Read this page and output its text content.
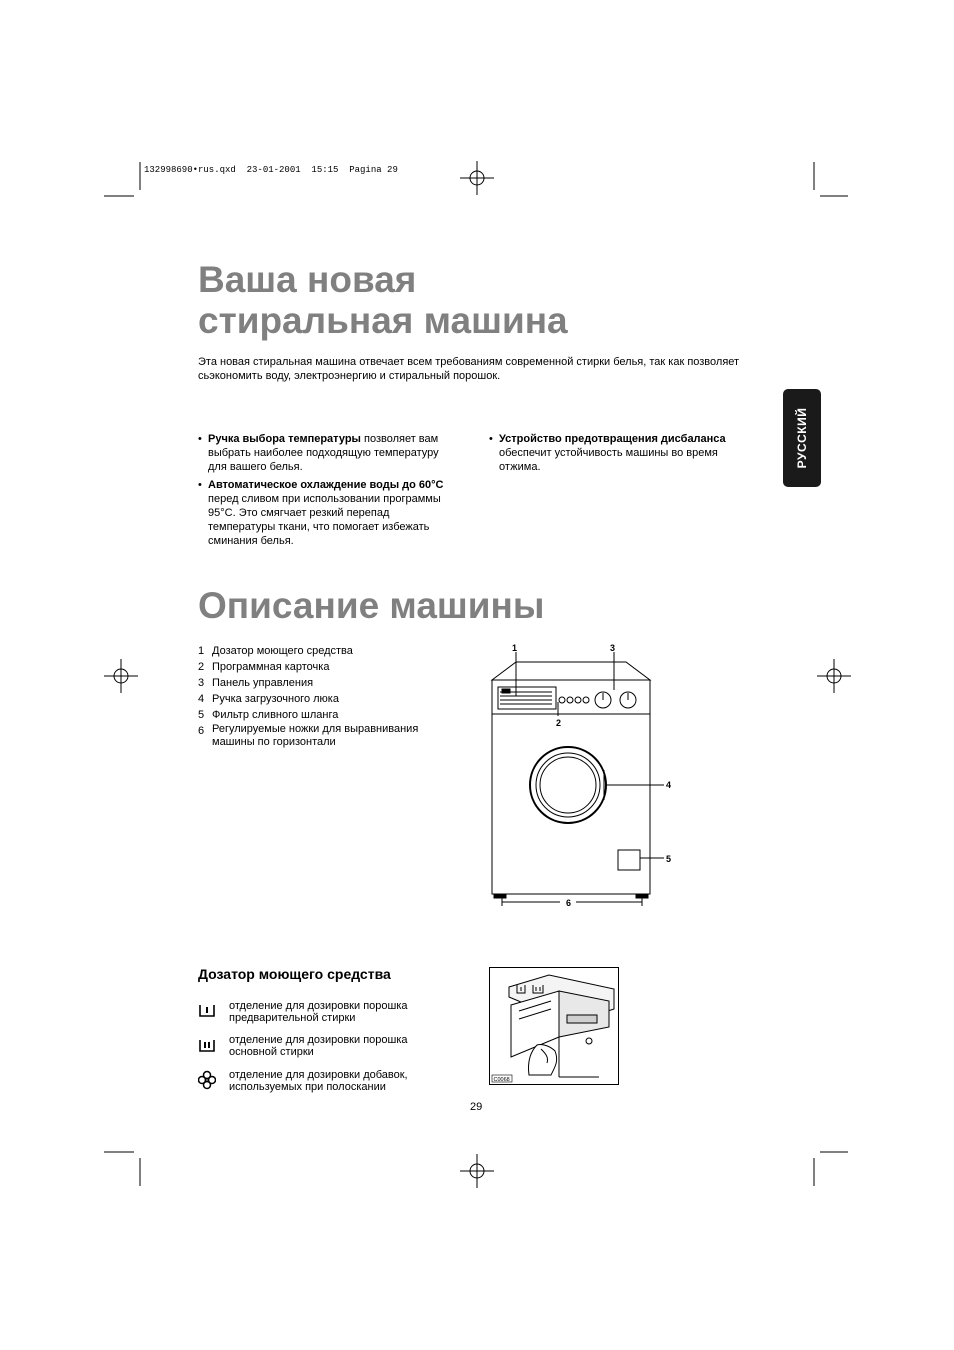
132998690•rus.qxd  23-01-2001  15:15  Pagina 29
Ваша новая
стиральная машина
Эта новая стиральная машина отвечает всем требованиям современной стирки белья, так как позволяет сьэкономить воду, электроэнергию и стиральный порошок.
РУССКИЙ
• Ручка выбора температуры позволяет вам выбрать наиболее подходящую температуру для вашего белья.
• Автоматическое охлаждение воды до 60°С перед сливом при использовании программы 95°С. Это смягчает резкий перепад температуры ткани, что помогает избежать сминания белья.
• Устройство предотвращения дисбаланса обеспечит устойчивость машины во время отжима.
Описание машины
1 Дозатор моющего средства
2 Программная карточка
3 Панель управления
4 Ручка загрузочного люка
5 Фильтр сливного шланга
6 Регулируемые ножки для выравнивания машины по горизонтали
1
2
3
4
5
6
Дозатор моющего средства
отделение для дозировки порошка предварительной стирки
отделение для дозировки порошка основной стирки
отделение для дозировки добавок, используемых при полоскании
C0068
29
